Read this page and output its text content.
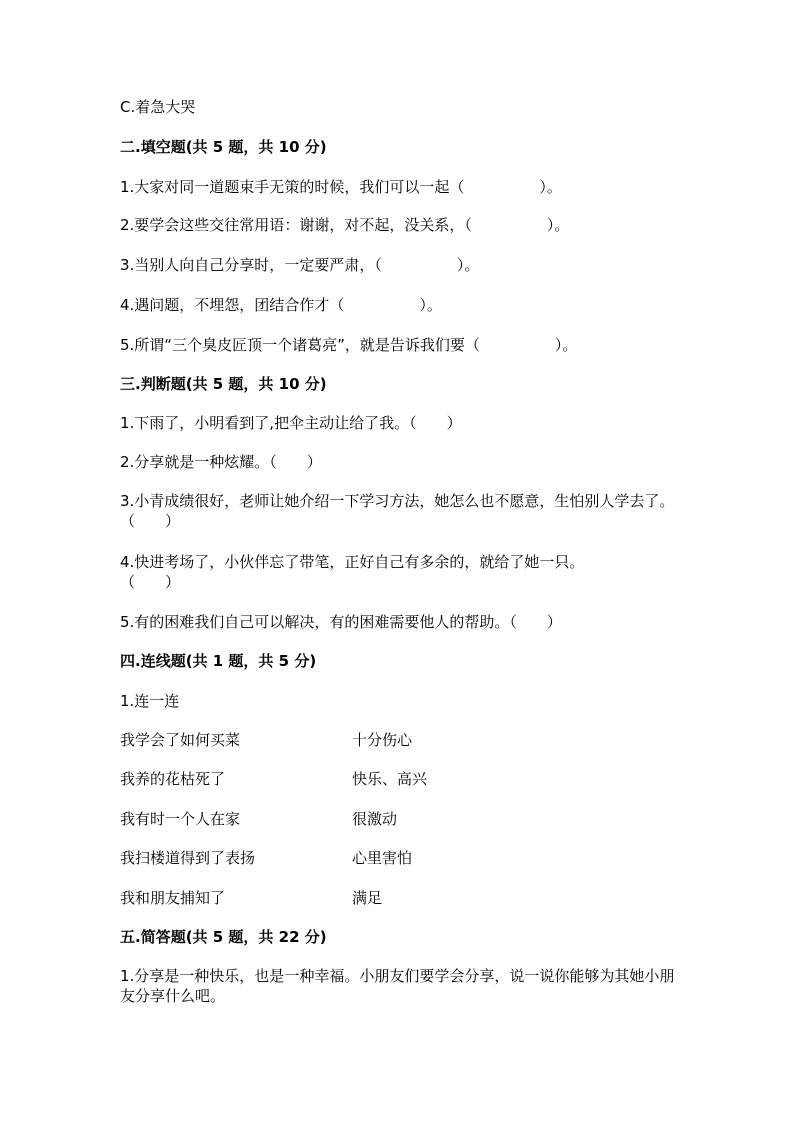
C.着急大哭
二.填空题(共 5 题，共 10 分)
1.大家对同一道题束手无策的时候，我们可以一起（　　　　　）。
2.要学会这些交往常用语：谢谢，对不起，没关系，（　　　　　）。
3.当别人向自己分享时，一定要严肃，（　　　　　）。
4.遇问题，不埋怨，团结合作才（　　　　　）。
5.所谓“三个臭皮匠顶一个诸葛亮”，就是告诉我们要（　　　　　）。
三.判断题(共 5 题，共 10 分)
1.下雨了，小明看到了,把伞主动让给了我。（　　）
2.分享就是一种炫耀。（　　）
3.小青成绩很好，老师让她介绍一下学习方法，她怎么也不愿意，生怕别人学去了。（　　）
4.快进考场了，小伙伴忘了带笔，正好自己有多余的，就给了她一只。
（　　）
5.有的困难我们自己可以解决，有的困难需要他人的帮助。（　　）
四.连线题(共 1 题，共 5 分)
1.连一连
我学会了如何买菜	十分伤心
我养的花枯死了	快乐、高兴
我有时一个人在家	很激动
我扫楼道得到了表扬	心里害怕
我和朋友捕知了	满足
五.简答题(共 5 题，共 22 分)
1.分享是一种快乐，也是一种幸福。小朋友们要学会分享，说一说你能够为其她小朋友分享什么吧。
